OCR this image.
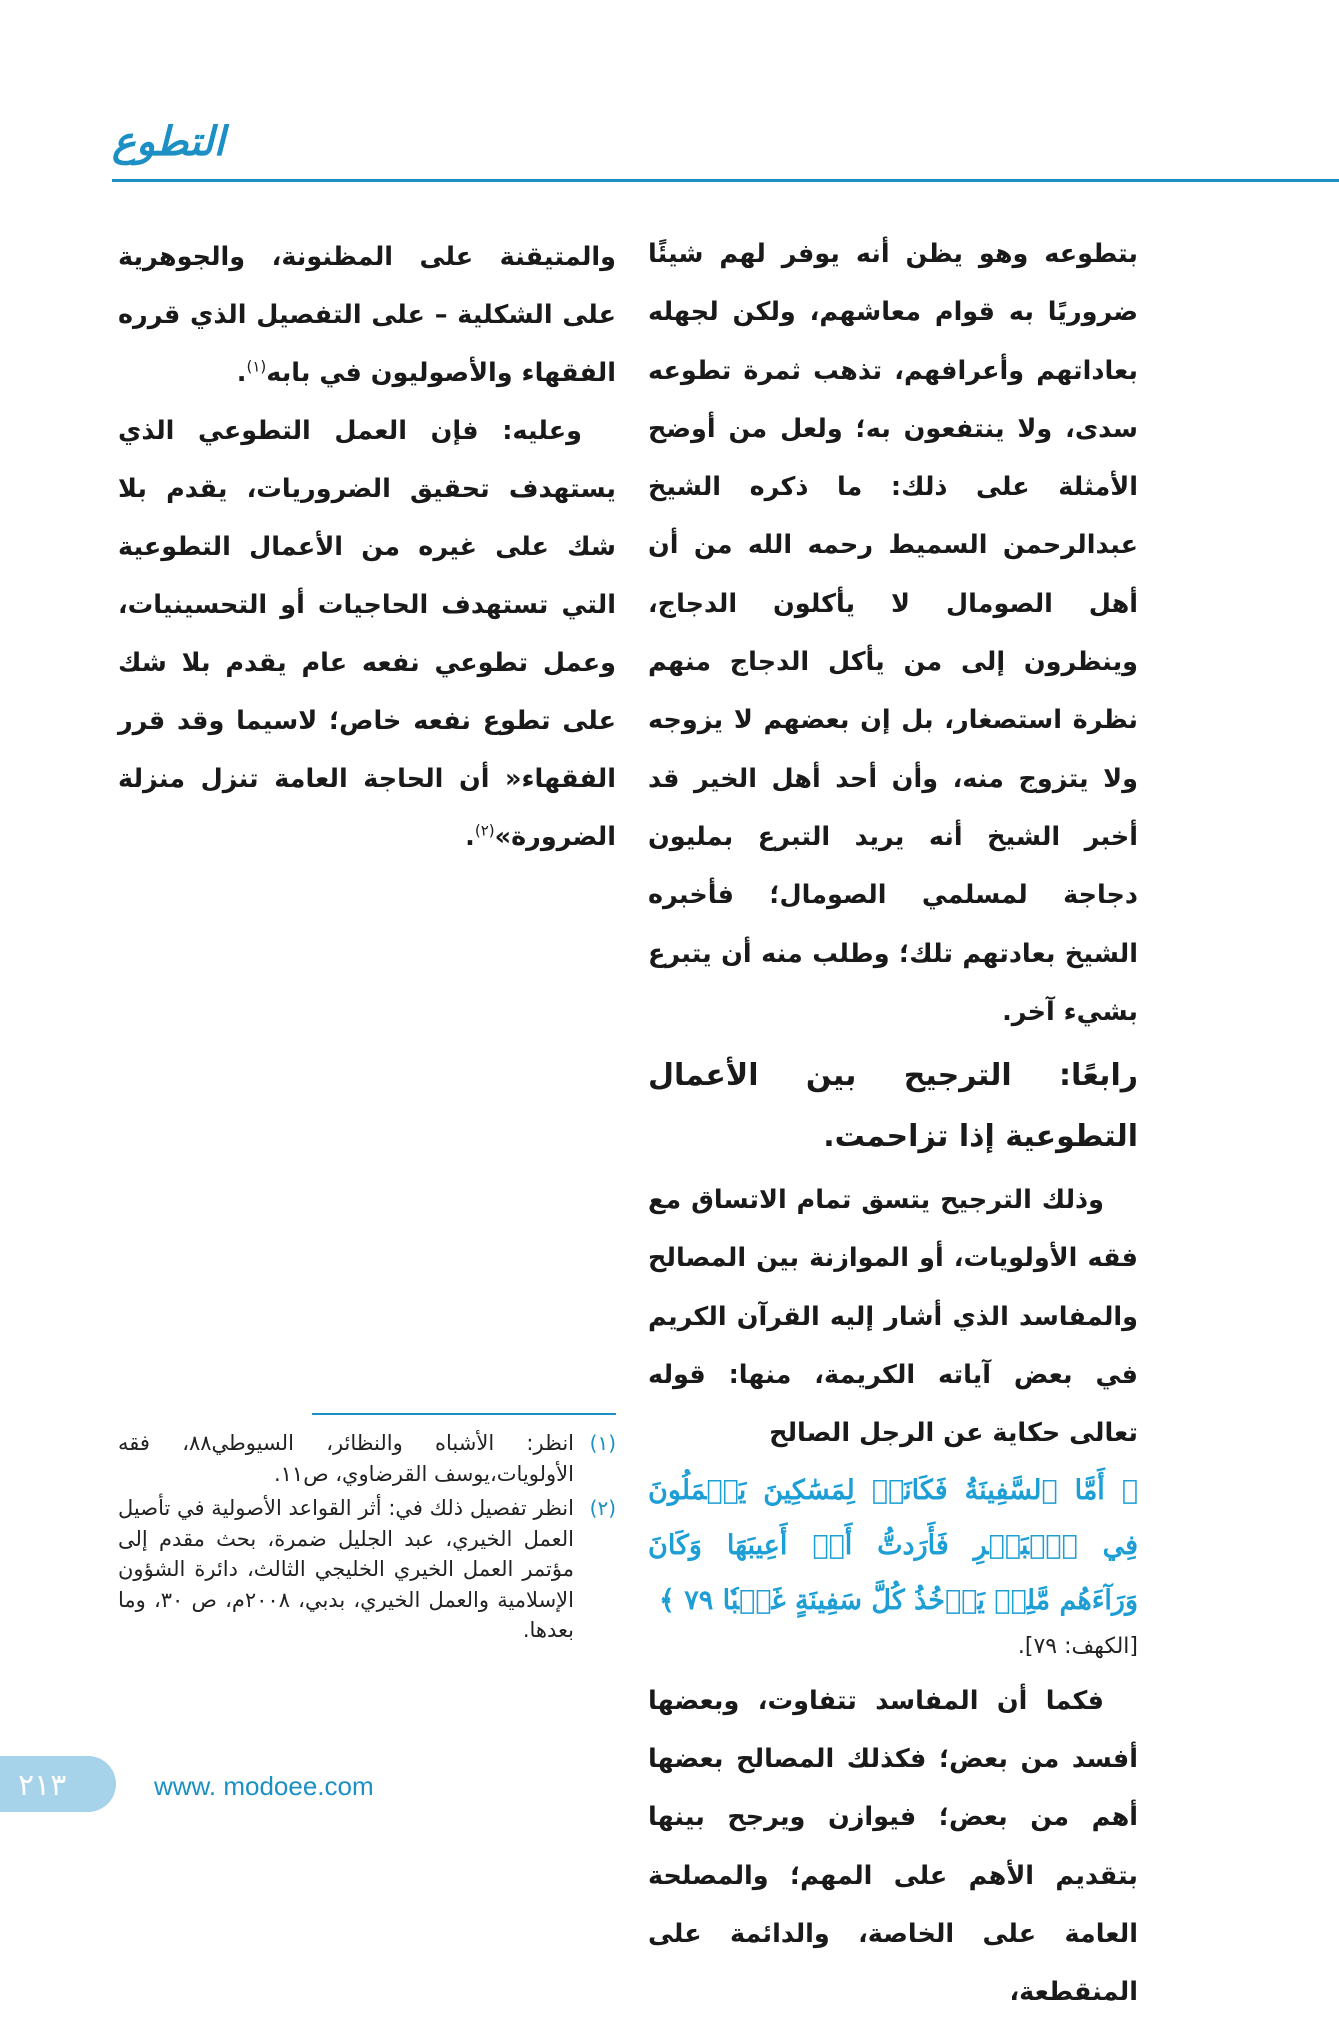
التطوع

بتطوعه وهو يظن أنه يوفر لهم شيئًا ضروريًا به قوام معاشهم، ولكن لجهله بعاداتهم وأعرافهم، تذهب ثمرة تطوعه سدى، ولا ينتفعون به؛ ولعل من أوضح الأمثلة على ذلك: ما ذكره الشيخ عبدالرحمن السميط رحمه الله من أن أهل الصومال لا يأكلون الدجاج، وينظرون إلى من يأكل الدجاج منهم نظرة استصغار، بل إن بعضهم لا يزوجه ولا يتزوج منه، وأن أحد أهل الخير قد أخبر الشيخ أنه يريد التبرع بمليون دجاجة لمسلمي الصومال؛ فأخبره الشيخ بعادتهم تلك؛ وطلب منه أن يتبرع بشيء آخر.

رابعًا: الترجيح بين الأعمال التطوعية إذا تزاحمت.

وذلك الترجيح يتسق تمام الاتساق مع فقه الأولويات، أو الموازنة بين المصالح والمفاسد الذي أشار إليه القرآن الكريم في بعض آياته الكريمة، منها: قوله تعالى حكاية عن الرجل الصالح

﴿ أَمَّا ٱلسَّفِينَةُ فَكَانَتۡ لِمَسَٰكِينَ يَعۡمَلُونَ فِي ٱلۡبَحۡرِ فَأَرَدتُّ أَنۡ أَعِيبَهَا وَكَانَ وَرَآءَهُم مَّلِكٞ يَأۡخُذُ كُلَّ سَفِينَةٍ غَصۡبٗا ٧٩ ﴾

[الكهف: ٧٩].

فكما أن المفاسد تتفاوت، وبعضها أفسد من بعض؛ فكذلك المصالح بعضها أهم من بعض؛ فيوازن ويرجح بينها بتقديم الأهم على المهم؛ والمصلحة العامة على الخاصة، والدائمة على المنقطعة،

والمتيقنة على المظنونة، والجوهرية على الشكلية – على التفصيل الذي قرره الفقهاء والأصوليون في بابه$^{(١)}$.

وعليه: فإن العمل التطوعي الذي يستهدف تحقيق الضروريات، يقدم بلا شك على غيره من الأعمال التطوعية التي تستهدف الحاجيات أو التحسينيات، وعمل تطوعي نفعه عام يقدم بلا شك على تطوع نفعه خاص؛ لاسيما وقد قرر الفقهاء« أن الحاجة العامة تنزل منزلة الضرورة»$^{(٢)}$.

(١)
انظر: الأشباه والنظائر، السيوطي٨٨، فقه الأولويات،يوسف القرضاوي، ص١١.

(٢)
انظر تفصيل ذلك في: أثر القواعد الأصولية في تأصيل العمل الخيري، عبد الجليل ضمرة، بحث مقدم إلى مؤتمر العمل الخيري الخليجي الثالث، دائرة الشؤون الإسلامية والعمل الخيري، بدبي، ٢٠٠٨م، ص ٣٠، وما بعدها.

٢١٣	www. modoee.com
